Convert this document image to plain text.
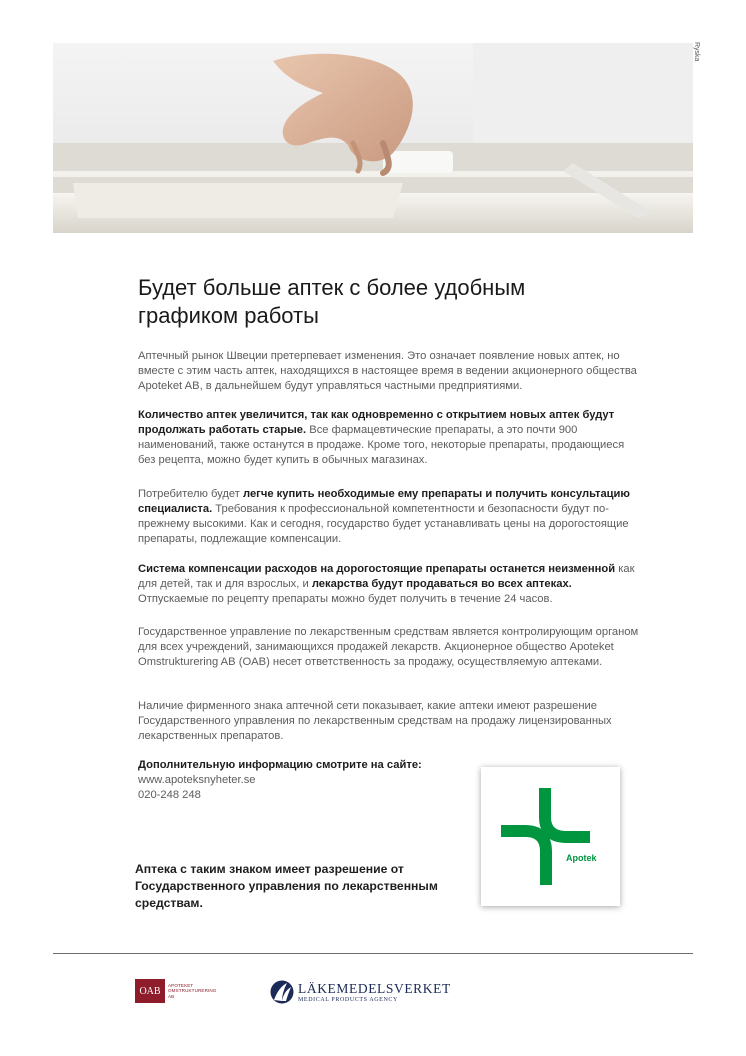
Ryska
Будет больше аптек с более удобным графиком работы

Аптечный рынок Швеции претерпевает изменения. Это означает появление новых аптек, но вместе с этим часть аптек, находящихся в настоящее время в ведении акционерного общества Apoteket AB, в дальнейшем будут управляться частными предприятиями.

Количество аптек увеличится, так как одновременно с открытием новых аптек будут продолжать работать старые. Все фармацевтические препараты, а это почти 900 наименований, также останутся в продаже. Кроме того, некоторые препараты, продающиеся без рецепта, можно будет купить в обычных магазинах.

Потребителю будет легче купить необходимые ему препараты и получить консультацию специалиста. Требования к профессиональной компетентности и безопасности будут по-прежнему высокими. Как и сегодня, государство будет устанавливать цены на дорогостоящие препараты, подлежащие компенсации.

Система компенсации расходов на дорогостоящие препараты останется неизменной как для детей, так и для взрослых, и лекарства будут продаваться во всех аптеках. Отпускаемые по рецепту препараты можно будет получить в течение 24 часов.

Государственное управление по лекарственным средствам является контролирующим органом для всех учреждений, занимающихся продажей лекарств. Акционерное общество Apoteket Omstrukturering AB (OAB) несет ответственность за продажу, осуществляемую аптеками.

Наличие фирменного знака аптечной сети показывает, какие аптеки имеют разрешение Государственного управления по лекарственным средствам на продажу лицензированных лекарственных препаратов.

Дополнительную информацию смотрите на сайте:
www.apoteksnyheter.se
020-248 248
Apotek
Аптека с таким знаком имеет разрешение от Государственного управления по лекарственным средствам.
OAB
APOTEKET
OMSTRUKTURERING
AB
LÄKEMEDELSVERKET
MEDICAL PRODUCTS AGENCY
